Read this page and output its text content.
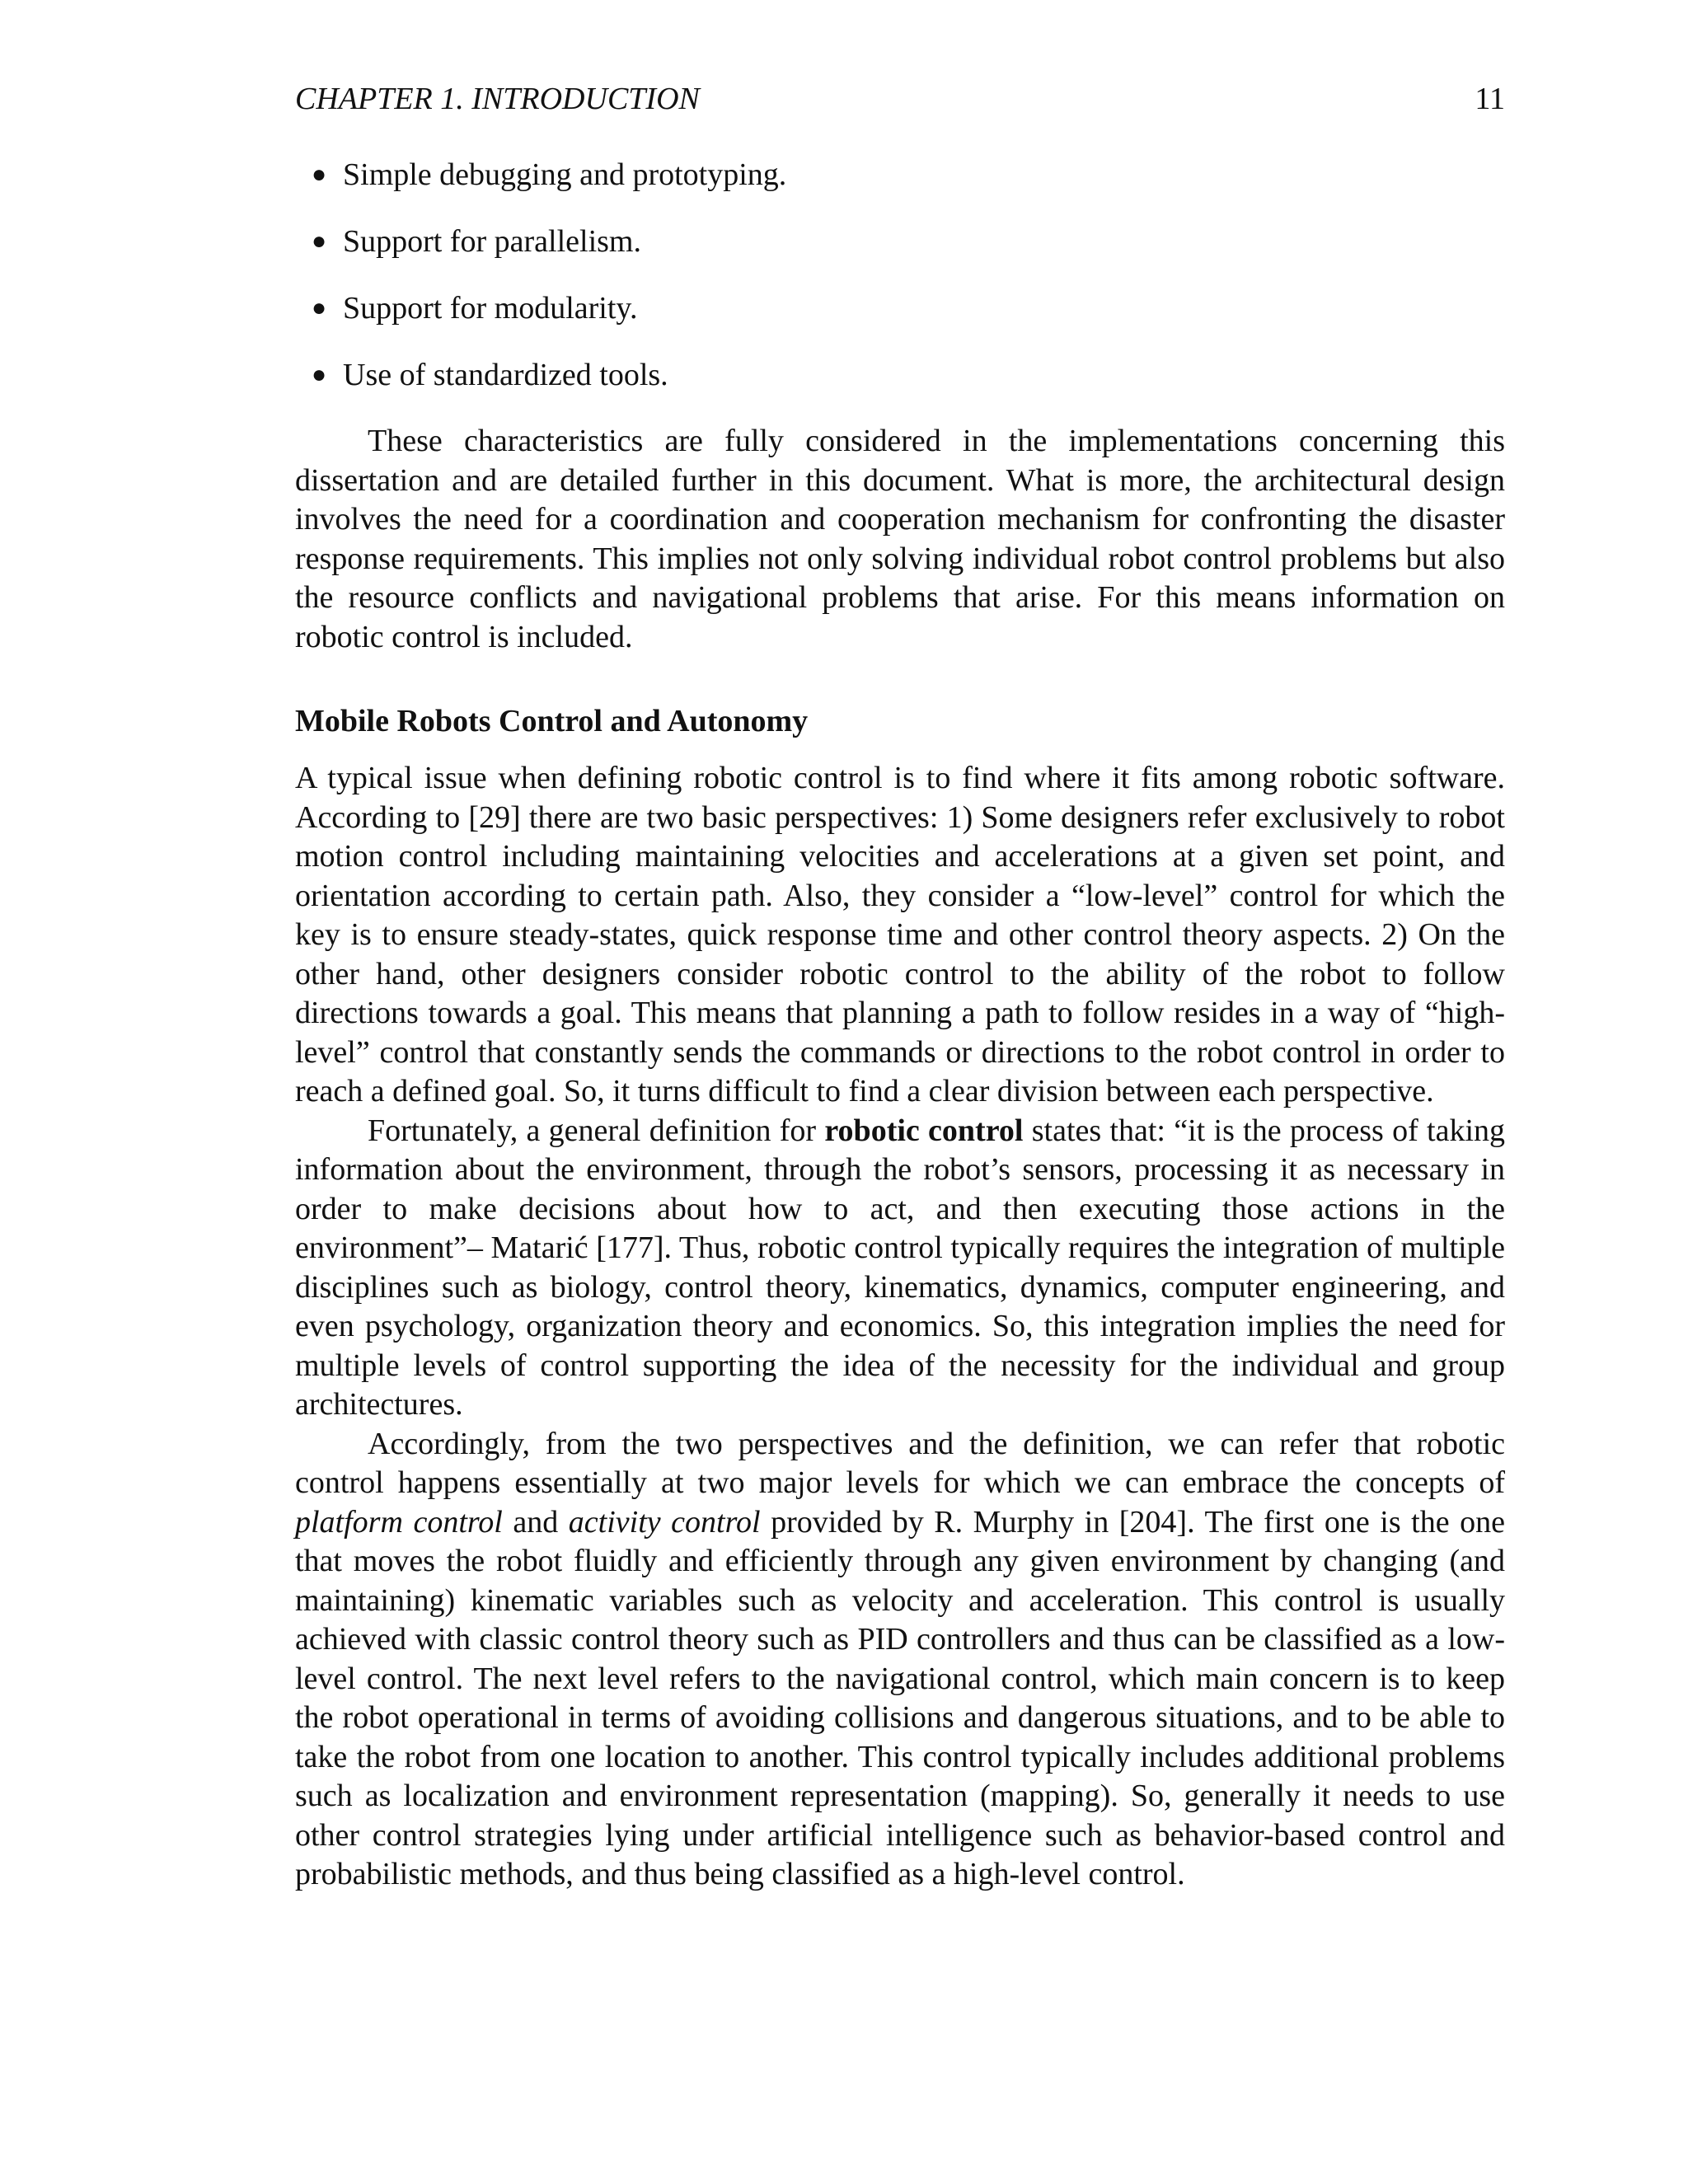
CHAPTER 1. INTRODUCTION	11
● Simple debugging and prototyping.
● Support for parallelism.
● Support for modularity.
● Use of standardized tools.

These characteristics are fully considered in the implementations concerning this dissertation and are detailed further in this document. What is more, the architectural design involves the need for a coordination and cooperation mechanism for confronting the disaster response requirements. This implies not only solving individual robot control problems but also the resource conflicts and navigational problems that arise. For this means information on robotic control is included.

Mobile Robots Control and Autonomy

A typical issue when defining robotic control is to find where it fits among robotic software. According to [29] there are two basic perspectives: 1) Some designers refer exclusively to robot motion control including maintaining velocities and accelerations at a given set point, and orientation according to certain path. Also, they consider a “low-level” control for which the key is to ensure steady-states, quick response time and other control theory aspects. 2) On the other hand, other designers consider robotic control to the ability of the robot to follow directions towards a goal. This means that planning a path to follow resides in a way of “high-level” control that constantly sends the commands or directions to the robot control in order to reach a defined goal. So, it turns difficult to find a clear division between each perspective.

Fortunately, a general definition for robotic control states that: “it is the process of taking information about the environment, through the robot’s sensors, processing it as necessary in order to make decisions about how to act, and then executing those actions in the environment”– Matarić [177]. Thus, robotic control typically requires the integration of multiple disciplines such as biology, control theory, kinematics, dynamics, computer engineering, and even psychology, organization theory and economics. So, this integration implies the need for multiple levels of control supporting the idea of the necessity for the individual and group architectures.

Accordingly, from the two perspectives and the definition, we can refer that robotic control happens essentially at two major levels for which we can embrace the concepts of platform control and activity control provided by R. Murphy in [204]. The first one is the one that moves the robot fluidly and efficiently through any given environment by changing (and maintaining) kinematic variables such as velocity and acceleration. This control is usually achieved with classic control theory such as PID controllers and thus can be classified as a low-level control. The next level refers to the navigational control, which main concern is to keep the robot operational in terms of avoiding collisions and dangerous situations, and to be able to take the robot from one location to another. This control typically includes additional problems such as localization and environment representation (mapping). So, generally it needs to use other control strategies lying under artificial intelligence such as behavior-based control and probabilistic methods, and thus being classified as a high-level control.
